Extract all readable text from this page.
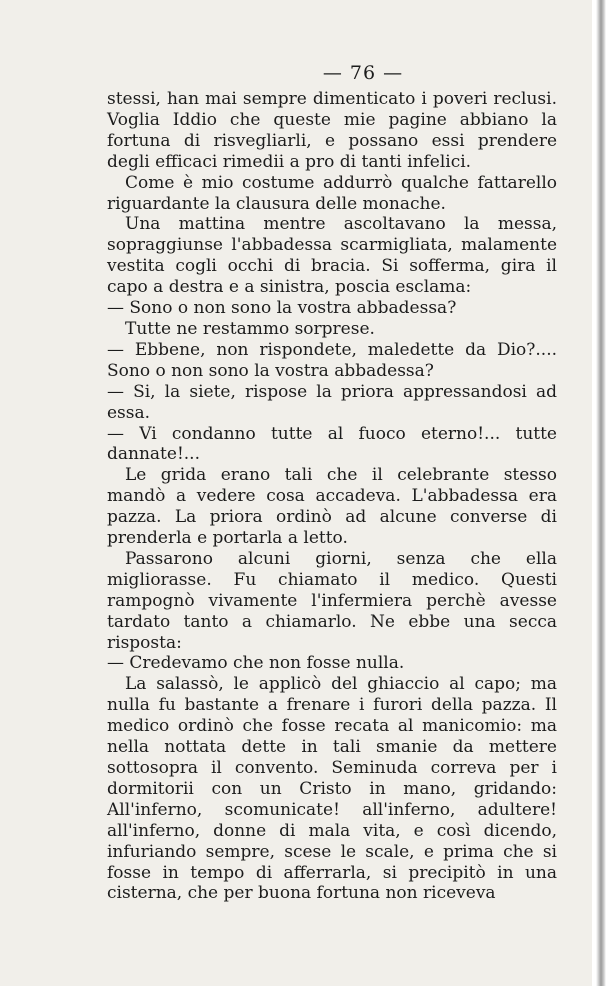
— 76 —

stessi, han mai sempre dimenticato i poveri reclusi. Voglia Iddio che queste mie pagine abbiano la fortuna di risvegliarli, e possano essi prendere degli efficaci rimedii a pro di tanti infelici.

Come è mio costume addurrò qualche fattarello riguardante la clausura delle monache.

Una mattina mentre ascoltavano la messa, sopraggiunse l'abbadessa scarmigliata, malamente vestita cogli occhi di bracia. Si sofferma, gira il capo a destra e a sinistra, poscia esclama:

— Sono o non sono la vostra abbadessa?

Tutte ne restammo sorprese.

— Ebbene, non rispondete, maledette da Dio?.... Sono o non sono la vostra abbadessa?

— Si, la siete, rispose la priora appressandosi ad essa.

— Vi condanno tutte al fuoco eterno!... tutte dannate!...

Le grida erano tali che il celebrante stesso mandò a vedere cosa accadeva. L'abbadessa era pazza. La priora ordinò ad alcune converse di prenderla e portarla a letto.

Passarono alcuni giorni, senza che ella migliorasse. Fu chiamato il medico. Questi rampognò vivamente l'infermiera perchè avesse tardato tanto a chiamarlo. Ne ebbe una secca risposta:

— Credevamo che non fosse nulla.

La salassò, le applicò del ghiaccio al capo; ma nulla fu bastante a frenare i furori della pazza. Il medico ordinò che fosse recata al manicomio: ma nella nottata dette in tali smanie da mettere sottosopra il convento. Seminuda correva per i dormitorii con un Cristo in mano, gridando: All'inferno, scomunicate! all'inferno, adultere! all'inferno, donne di mala vita, e così dicendo, infuriando sempre, scese le scale, e prima che si fosse in tempo di afferrarla, si precipitò in una cisterna, che per buona fortuna non riceveva
